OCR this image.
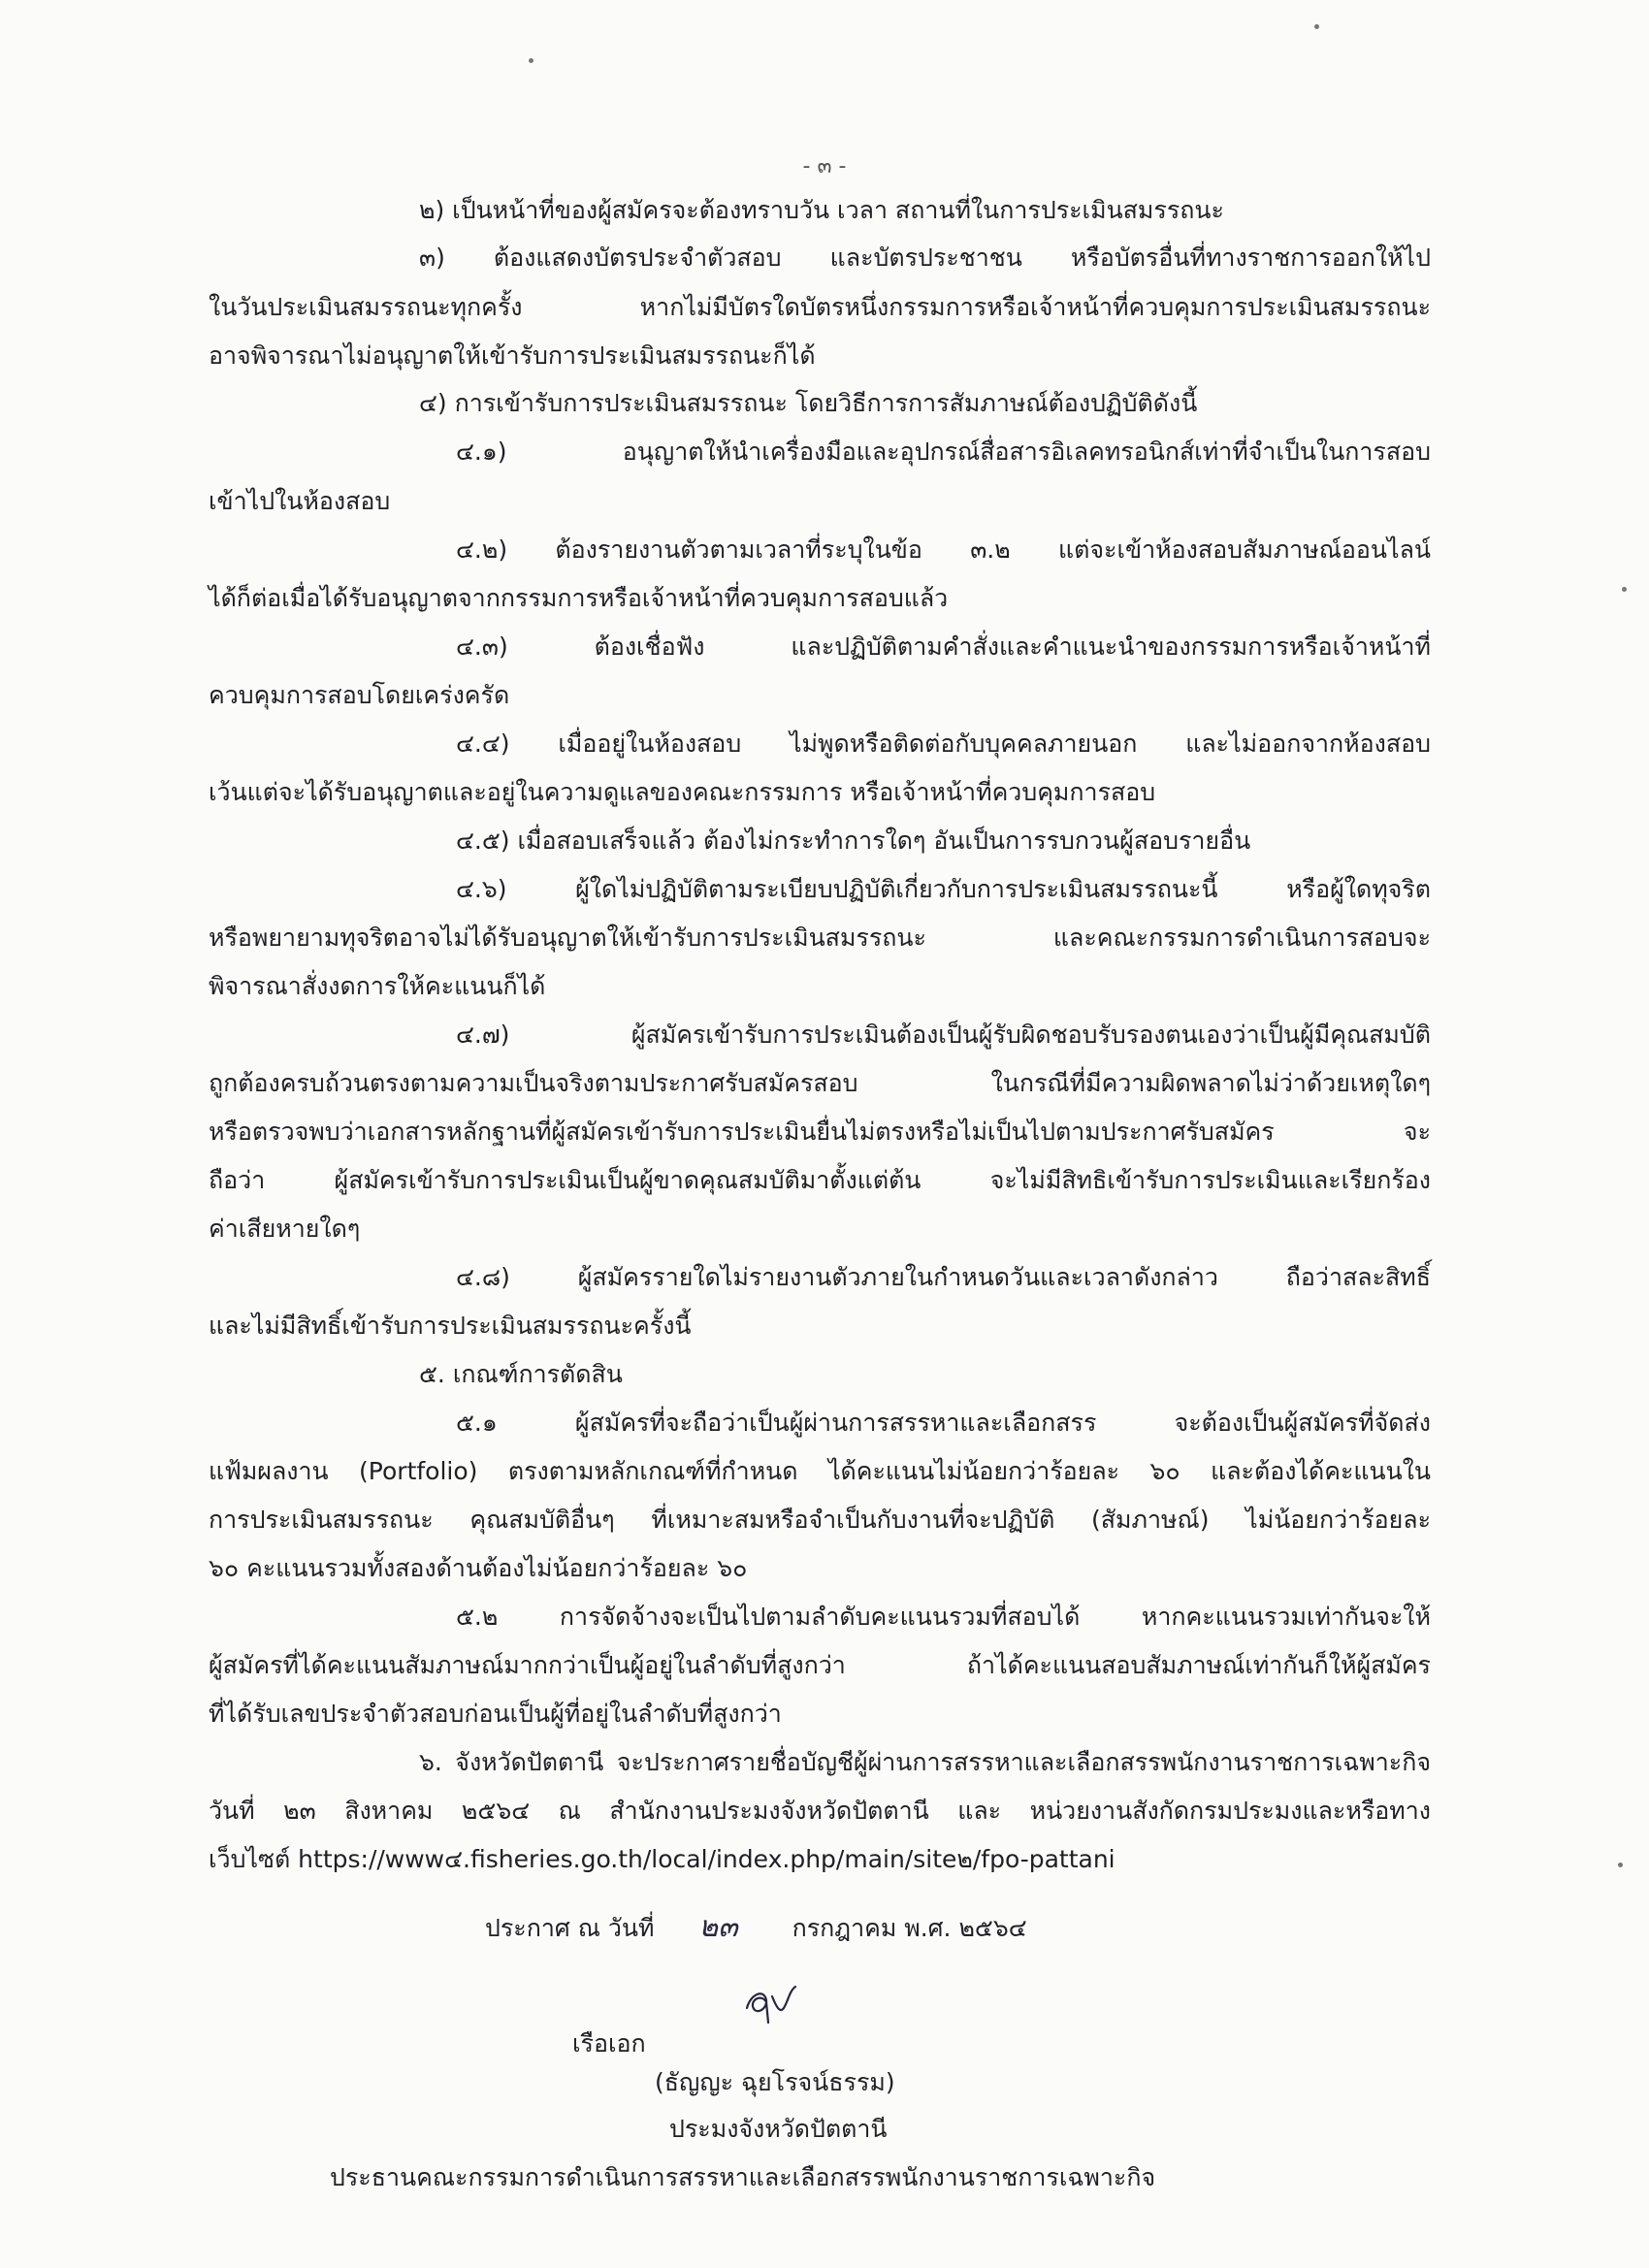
- ๓ -
๒) เป็นหน้าที่ของผู้สมัครจะต้องทราบวัน เวลา สถานที่ในการประเมินสมรรถนะ
๓) ต้องแสดงบัตรประจำตัวสอบ และบัตรประชาชน หรือบัตรอื่นที่ทางราชการออกให้ไป
ในวันประเมินสมรรถนะทุกครั้ง หากไม่มีบัตรใดบัตรหนึ่งกรรมการหรือเจ้าหน้าที่ควบคุมการประเมินสมรรถนะ
อาจพิจารณาไม่อนุญาตให้เข้ารับการประเมินสมรรถนะก็ได้
๔) การเข้ารับการประเมินสมรรถนะ โดยวิธีการการสัมภาษณ์ต้องปฏิบัติดังนี้
๔.๑) อนุญาตให้นำเครื่องมือและอุปกรณ์สื่อสารอิเลคทรอนิกส์เท่าที่จำเป็นในการสอบ
เข้าไปในห้องสอบ
๔.๒) ต้องรายงานตัวตามเวลาที่ระบุในข้อ ๓.๒ แต่จะเข้าห้องสอบสัมภาษณ์ออนไลน์
ได้ก็ต่อเมื่อได้รับอนุญาตจากกรรมการหรือเจ้าหน้าที่ควบคุมการสอบแล้ว
๔.๓) ต้องเชื่อฟัง และปฏิบัติตามคำสั่งและคำแนะนำของกรรมการหรือเจ้าหน้าที่
ควบคุมการสอบโดยเคร่งครัด
๔.๔) เมื่ออยู่ในห้องสอบ ไม่พูดหรือติดต่อกับบุคคลภายนอก และไม่ออกจากห้องสอบ
เว้นแต่จะได้รับอนุญาตและอยู่ในความดูแลของคณะกรรมการ หรือเจ้าหน้าที่ควบคุมการสอบ
๔.๕) เมื่อสอบเสร็จแล้ว ต้องไม่กระทำการใดๆ อันเป็นการรบกวนผู้สอบรายอื่น
๔.๖) ผู้ใดไม่ปฏิบัติตามระเบียบปฏิบัติเกี่ยวกับการประเมินสมรรถนะนี้ หรือผู้ใดทุจริต
หรือพยายามทุจริตอาจไม่ได้รับอนุญาตให้เข้ารับการประเมินสมรรถนะ และคณะกรรมการดำเนินการสอบจะ
พิจารณาสั่งงดการให้คะแนนก็ได้
๔.๗) ผู้สมัครเข้ารับการประเมินต้องเป็นผู้รับผิดชอบรับรองตนเองว่าเป็นผู้มีคุณสมบัติ
ถูกต้องครบถ้วนตรงตามความเป็นจริงตามประกาศรับสมัครสอบ ในกรณีที่มีความผิดพลาดไม่ว่าด้วยเหตุใดๆ
หรือตรวจพบว่าเอกสารหลักฐานที่ผู้สมัครเข้ารับการประเมินยื่นไม่ตรงหรือไม่เป็นไปตามประกาศรับสมัคร จะ
ถือว่า ผู้สมัครเข้ารับการประเมินเป็นผู้ขาดคุณสมบัติมาตั้งแต่ต้น จะไม่มีสิทธิเข้ารับการประเมินและเรียกร้อง
ค่าเสียหายใดๆ
๔.๘) ผู้สมัครรายใดไม่รายงานตัวภายในกำหนดวันและเวลาดังกล่าว ถือว่าสละสิทธิ์
และไม่มีสิทธิ์เข้ารับการประเมินสมรรถนะครั้งนี้
๕. เกณฑ์การตัดสิน
๕.๑ ผู้สมัครที่จะถือว่าเป็นผู้ผ่านการสรรหาและเลือกสรร จะต้องเป็นผู้สมัครที่จัดส่ง
แฟ้มผลงาน (Portfolio) ตรงตามหลักเกณฑ์ที่กำหนด ได้คะแนนไม่น้อยกว่าร้อยละ ๖๐ และต้องได้คะแนนใน
การประเมินสมรรถนะ คุณสมบัติอื่นๆ ที่เหมาะสมหรือจำเป็นกับงานที่จะปฏิบัติ (สัมภาษณ์) ไม่น้อยกว่าร้อยละ
๖๐ คะแนนรวมทั้งสองด้านต้องไม่น้อยกว่าร้อยละ ๖๐
๕.๒ การจัดจ้างจะเป็นไปตามลำดับคะแนนรวมที่สอบได้ หากคะแนนรวมเท่ากันจะให้
ผู้สมัครที่ได้คะแนนสัมภาษณ์มากกว่าเป็นผู้อยู่ในลำดับที่สูงกว่า ถ้าได้คะแนนสอบสัมภาษณ์เท่ากันก็ให้ผู้สมัคร
ที่ได้รับเลขประจำตัวสอบก่อนเป็นผู้ที่อยู่ในลำดับที่สูงกว่า
๖. จังหวัดปัตตานี จะประกาศรายชื่อบัญชีผู้ผ่านการสรรหาและเลือกสรรพนักงานราชการเฉพาะกิจ
วันที่ ๒๓ สิงหาคม ๒๕๖๔ ณ สำนักงานประมงจังหวัดปัตตานี และ หน่วยงานสังกัดกรมประมงและหรือทาง
เว็บไซต์ https://www๔.fisheries.go.th/local/index.php/main/site๒/fpo-pattani
ประกาศ ณ วันที่ ๒๓ กรกฎาคม พ.ศ. ๒๕๖๔
เรือเอก
(ธัญญะ ฉุยโรจน์ธรรม)
ประมงจังหวัดปัตตานี
ประธานคณะกรรมการดำเนินการสรรหาและเลือกสรรพนักงานราชการเฉพาะกิจ
